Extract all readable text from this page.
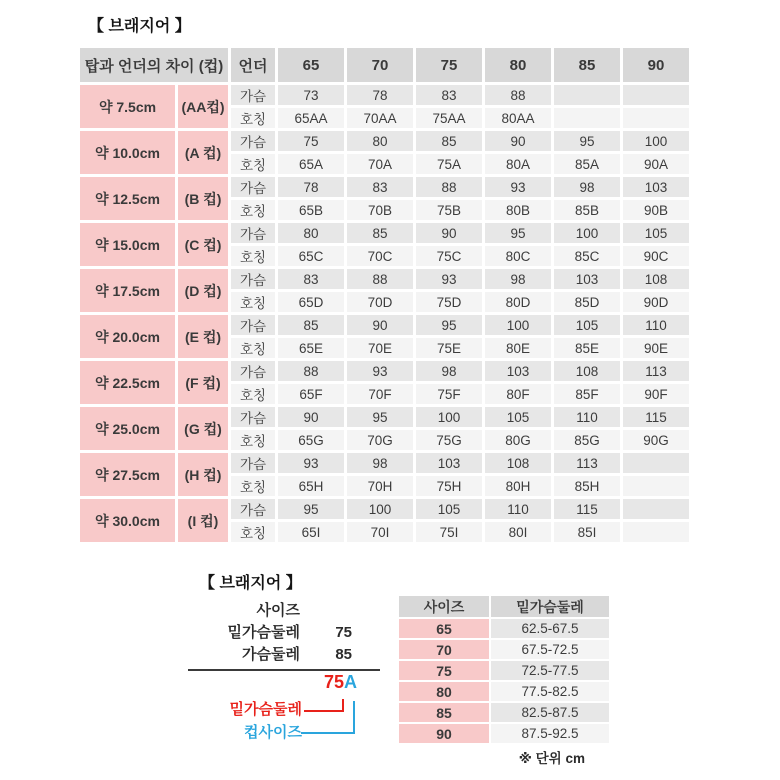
【 브래지어 】
탑과 언더의 차이 (컵)		언더	65	70	75	80	85	90
약 7.5cm	(AA컵)	가슴	73	78	83	88		
		호칭	65AA	70AA	75AA	80AA		
약 10.0cm	(A 컵)	가슴	75	80	85	90	95	100
		호칭	65A	70A	75A	80A	85A	90A
약 12.5cm	(B 컵)	가슴	78	83	88	93	98	103
		호칭	65B	70B	75B	80B	85B	90B
약 15.0cm	(C 컵)	가슴	80	85	90	95	100	105
		호칭	65C	70C	75C	80C	85C	90C
약 17.5cm	(D 컵)	가슴	83	88	93	98	103	108
		호칭	65D	70D	75D	80D	85D	90D
약 20.0cm	(E 컵)	가슴	85	90	95	100	105	110
		호칭	65E	70E	75E	80E	85E	90E
약 22.5cm	(F 컵)	가슴	88	93	98	103	108	113
		호칭	65F	70F	75F	80F	85F	90F
약 25.0cm	(G 컵)	가슴	90	95	100	105	110	115
		호칭	65G	70G	75G	80G	85G	90G
약 27.5cm	(H 컵)	가슴	93	98	103	108	113	
		호칭	65H	70H	75H	80H	85H	
약 30.0cm	(I 컵)	가슴	95	100	105	110	115	
		호칭	65I	70I	75I	80I	85I	
【 브래지어 】
사이즈
밑가슴둘레	75
가슴둘레	85
75A
밑가슴둘레
컵사이즈
사이즈	밑가슴둘레
65	62.5-67.5
70	67.5-72.5
75	72.5-77.5
80	77.5-82.5
85	82.5-87.5
90	87.5-92.5
※ 단위 cm
